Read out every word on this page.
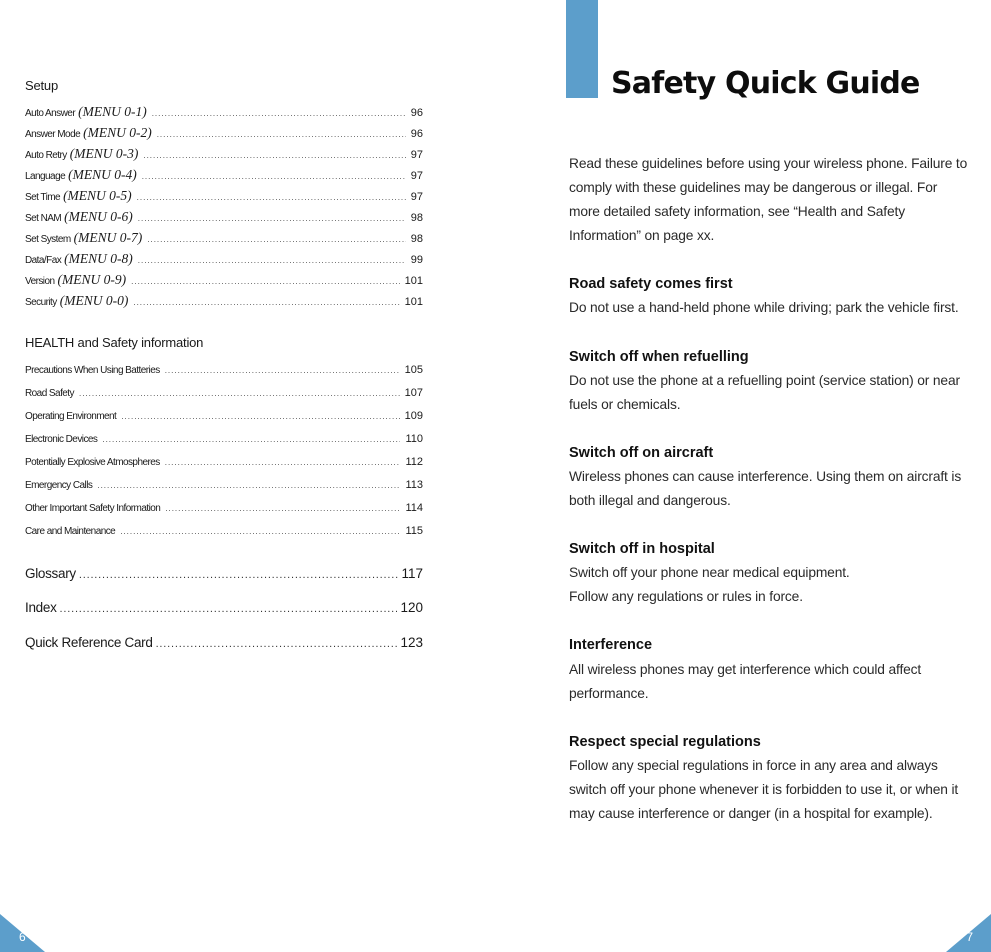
Setup
Auto Answer (MENU 0-1) .....	96
Answer Mode (MENU 0-2) .....	96
Auto Retry (MENU 0-3) .....	97
Language (MENU 0-4) .....	97
Set Time (MENU 0-5) .....	97
Set NAM (MENU 0-6) .....	98
Set System (MENU 0-7) .....	98
Data/Fax (MENU 0-8) .....	99
Version (MENU 0-9) .....	101
Security (MENU 0-0) .....	101
HEALTH and Safety information
Precautions When Using Batteries .....	105
Road Safety .....	107
Operating Environment .....	109
Electronic Devices .....	110
Potentially Explosive Atmospheres .....	112
Emergency Calls .....	113
Other Important Safety Information .....	114
Care and Maintenance .....	115
Glossary .....	117
Index .....	120
Quick Reference Card .....	123
Safety Quick Guide

Read these guidelines before using your wireless phone. Failure to comply with these guidelines may be dangerous or illegal. For more detailed safety information, see “Health and Safety Information” on page xx.

Road safety comes first

Do not use a hand-held phone while driving; park the vehicle first.

Switch off when refuelling

Do not use the phone at a refuelling point (service station) or near fuels or chemicals.

Switch off on aircraft

Wireless phones can cause interference. Using them on aircraft is both illegal and dangerous.

Switch off in hospital

Switch off your phone near medical equipment.
Follow any regulations or rules in force.

Interference

All wireless phones may get interference which could affect performance.

Respect special regulations

Follow any special regulations in force in any area and always switch off your phone whenever it is forbidden to use it, or when it may cause interference or danger (in a hospital for example).

6	7
